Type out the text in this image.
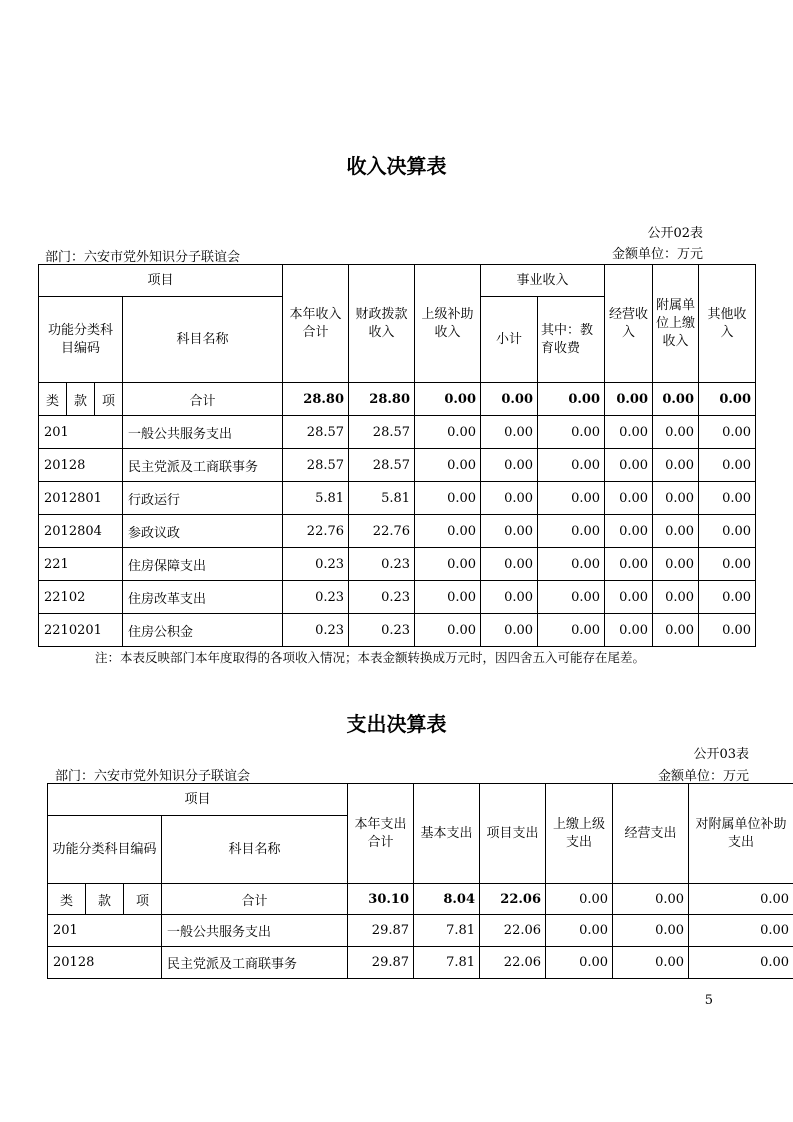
收入决算表
公开02表
部门：六安市党外知识分子联谊会	金额单位：万元
项目				本年收入合计	财政拨款收入	上级补助收入	事业收入		经营收入	附属单位上缴收入	其他收入
功能分类科目编码			科目名称				小计	其中：教育收费			

类	款	项	合计	28.80	28.80	0.00	0.00	0.00	0.00	0.00	0.00
201			一般公共服务支出	28.57	28.57	0.00	0.00	0.00	0.00	0.00	0.00
20128			民主党派及工商联事务	28.57	28.57	0.00	0.00	0.00	0.00	0.00	0.00
2012801			行政运行	5.81	5.81	0.00	0.00	0.00	0.00	0.00	0.00
2012804			参政议政	22.76	22.76	0.00	0.00	0.00	0.00	0.00	0.00
221			住房保障支出	0.23	0.23	0.00	0.00	0.00	0.00	0.00	0.00
22102			住房改革支出	0.23	0.23	0.00	0.00	0.00	0.00	0.00	0.00
2210201			住房公积金	0.23	0.23	0.00	0.00	0.00	0.00	0.00	0.00
注：本表反映部门本年度取得的各项收入情况；本表金额转换成万元时，因四舍五入可能存在尾差。
支出决算表
公开03表
部门：六安市党外知识分子联谊会	金额单位：万元
项目				本年支出合计	基本支出	项目支出	上缴上级支出	经营支出	对附属单位补助支出
功能分类科目编码			科目名称						
类	款	项	合计	30.10	8.04	22.06	0.00	0.00	0.00
201			一般公共服务支出	29.87	7.81	22.06	0.00	0.00	0.00
20128			民主党派及工商联事务	29.87	7.81	22.06	0.00	0.00	0.00
5
